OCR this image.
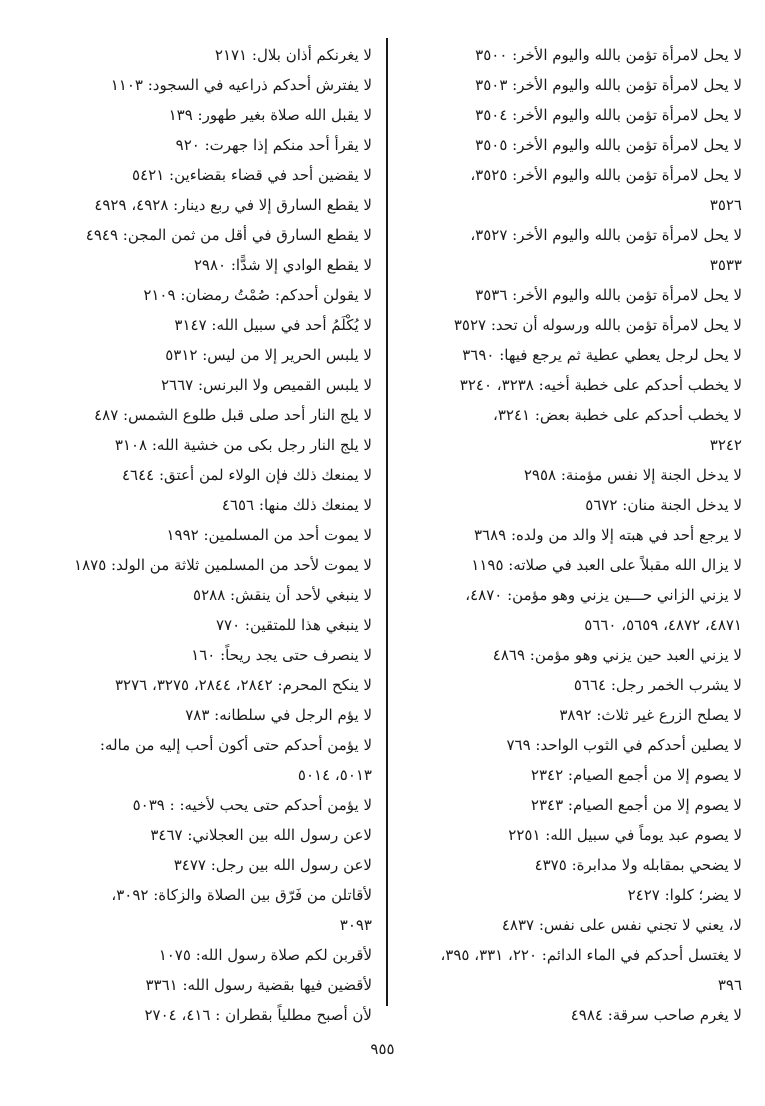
لا يحل لامرأة تؤمن بالله واليوم الأخر: ٣٥٠٠
لا يحل لامرأة تؤمن بالله واليوم الأخر: ٣٥٠٣
لا يحل لامرأة تؤمن بالله واليوم الأخر: ٣٥٠٤
لا يحل لامرأة تؤمن بالله واليوم الأخر: ٣٥٠٥
لا يحل لامرأة تؤمن بالله واليوم الأخر: ٣٥٢٥،
٣٥٢٦
لا يحل لامرأة تؤمن بالله واليوم الأخر: ٣٥٢٧،
٣٥٣٣
لا يحل لامرأة تؤمن بالله واليوم الأخر: ٣٥٣٦
لا يحل لامرأة تؤمن بالله ورسوله أن تحد: ٣٥٢٧
لا يحل لرجل يعطي عطية ثم يرجع فيها: ٣٦٩٠
لا يخطب أحدكم على خطبة أخيه: ٣٢٣٨، ٣٢٤٠
لا يخطب أحدكم على خطبة بعض: ٣٢٤١،
٣٢٤٢
لا يدخل الجنة إلا نفس مؤمنة: ٢٩٥٨
لا يدخل الجنة منان: ٥٦٧٢
لا يرجع أحد في هبته إلا والد من ولده: ٣٦٨٩
لا يزال الله مقبلاً على العبد في صلاته: ١١٩٥
لا يزني الزاني حـــين يزني وهو مؤمن: ٤٨٧٠،
٤٨٧١، ٤٨٧٢، ٥٦٥٩، ٥٦٦٠
لا يزني العبد حين يزني وهو مؤمن: ٤٨٦٩
لا يشرب الخمر رجل: ٥٦٦٤
لا يصلح الزرع غير ثلاث: ٣٨٩٢
لا يصلين أحدكم في الثوب الواحد: ٧٦٩
لا يصوم إلا من أجمع الصيام: ٢٣٤٢
لا يصوم إلا من أجمع الصيام: ٢٣٤٣
لا يصوم عبد يوماً في سبيل الله: ٢٢٥١
لا يضحي بمقابله ولا مدابرة: ٤٣٧٥
لا يضر؛ كلوا: ٢٤٢٧
لا، يعني لا تجني نفس على نفس: ٤٨٣٧
لا يغتسل أحدكم في الماء الدائم: ٢٢٠، ٣٣١، ٣٩٥،
٣٩٦
لا يغرم صاحب سرقة: ٤٩٨٤
لا يغرنكم أذان بلال: ٢١٧١
لا يفترش أحدكم ذراعيه في السجود: ١١٠٣
لا يقبل الله صلاة بغير طهور: ١٣٩
لا يقرأ أحد منكم إذا جهرت: ٩٢٠
لا يقضين أحد في قضاء بقضاءين: ٥٤٢١
لا يقطع السارق إلا في ربع دينار: ٤٩٢٨، ٤٩٢٩
لا يقطع السارق في أقل من ثمن المجن: ٤٩٤٩
لا يقطع الوادي إلا شدًّا: ٢٩٨٠
لا يقولن أحدكم: صُمْتُ رمضان: ٢١٠٩
لا يُكْلَمُ أحد في سبيل الله: ٣١٤٧
لا يلبس الحرير إلا من ليس: ٥٣١٢
لا يلبس القميص ولا البرنس: ٢٦٦٧
لا يلج النار أحد صلى قبل طلوع الشمس: ٤٨٧
لا يلج النار رجل بكى من خشية الله: ٣١٠٨
لا يمنعك ذلك فإن الولاء لمن أعتق: ٤٦٤٤
لا يمنعك ذلك منها: ٤٦٥٦
لا يموت أحد من المسلمين: ١٩٩٢
لا يموت لأحد من المسلمين ثلاثة من الولد: ١٨٧٥
لا ينبغي لأحد أن ينقش: ٥٢٨٨
لا ينبغي هذا للمتقين: ٧٧٠
لا ينصرف حتى يجد ريحاً: ١٦٠
لا ينكح المحرم: ٢٨٤٢، ٢٨٤٤، ٣٢٧٥، ٣٢٧٦
لا يؤم الرجل في سلطانه: ٧٨٣
لا يؤمن أحدكم حتى أكون أحب إليه من ماله:
٥٠١٣، ٥٠١٤
لا يؤمن أحدكم حتى يحب لأخيه: : ٥٠٣٩
لاعن رسول الله بين العجلاني: ٣٤٦٧
لاعن رسول الله بين رجل: ٣٤٧٧
لأقاتلن من فَرّق بين الصلاة والزكاة: ٣٠٩٢،
٣٠٩٣
لأقربن لكم صلاة رسول الله: ١٠٧٥
لأقضين فيها بقضية رسول الله: ٣٣٦١
لأن أصبح مطلياً بقطران : ٤١٦، ٢٧٠٤
٩٥٥
